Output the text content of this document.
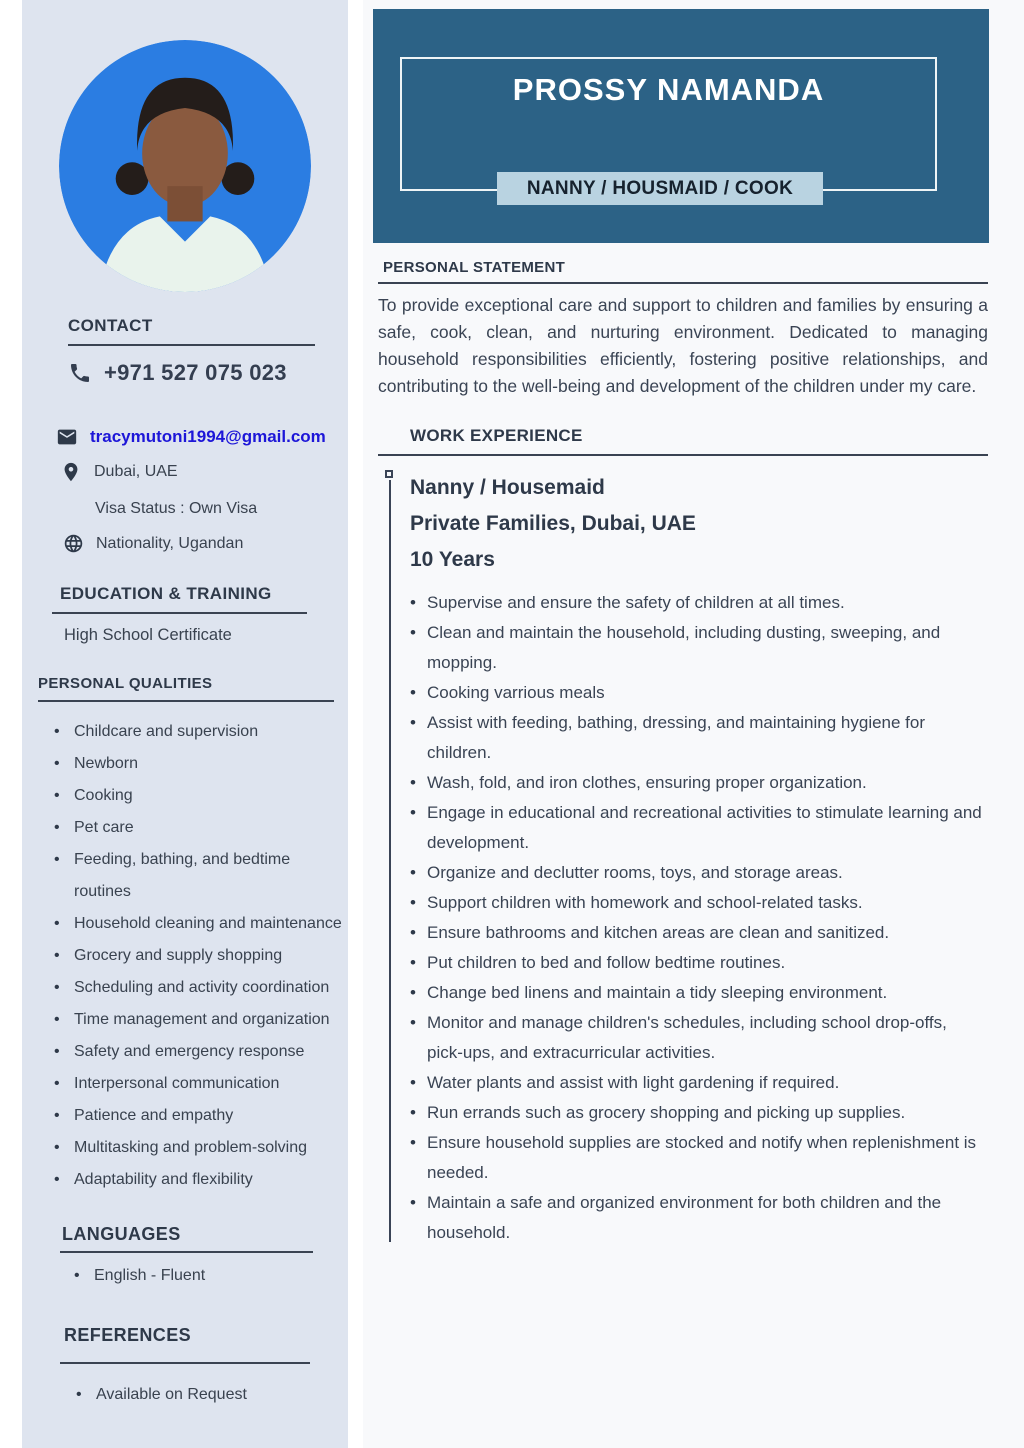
CONTACT
+971 527 075 023
tracymutoni1994@gmail.com
Dubai, UAE
Visa Status : Own Visa
Nationality, Ugandan
EDUCATION & TRAINING
High School Certificate
PERSONAL QUALITIES
• Childcare and supervision
• Newborn
• Cooking
• Pet care
• Feeding, bathing, and bedtime routines
• Household cleaning and maintenance
• Grocery and supply shopping
• Scheduling and activity coordination
• Time management and organization
• Safety and emergency response
• Interpersonal communication
• Patience and empathy
• Multitasking and problem-solving
• Adaptability and flexibility
LANGUAGES
• English - Fluent
REFERENCES
• Available on Request
PROSSY NAMANDA
NANNY / HOUSMAID / COOK
PERSONAL STATEMENT

To provide exceptional care and support to children and families by ensuring a safe, cook, clean, and nurturing environment. Dedicated to managing household responsibilities efficiently, fostering positive relationships, and contributing to the well-being and development of the children under my care.

WORK EXPERIENCE
Nanny / Housemaid
Private Families, Dubai, UAE
10 Years
• Supervise and ensure the safety of children at all times.
• Clean and maintain the household, including dusting, sweeping, and mopping.
• Cooking varrious meals
• Assist with feeding, bathing, dressing, and maintaining hygiene for children.
• Wash, fold, and iron clothes, ensuring proper organization.
• Engage in educational and recreational activities to stimulate learning and development.
• Organize and declutter rooms, toys, and storage areas.
• Support children with homework and school-related tasks.
• Ensure bathrooms and kitchen areas are clean and sanitized.
• Put children to bed and follow bedtime routines.
• Change bed linens and maintain a tidy sleeping environment.
• Monitor and manage children's schedules, including school drop-offs, pick-ups, and extracurricular activities.
• Water plants and assist with light gardening if required.
• Run errands such as grocery shopping and picking up supplies.
• Ensure household supplies are stocked and notify when replenishment is needed.
• Maintain a safe and organized environment for both children and the household.
